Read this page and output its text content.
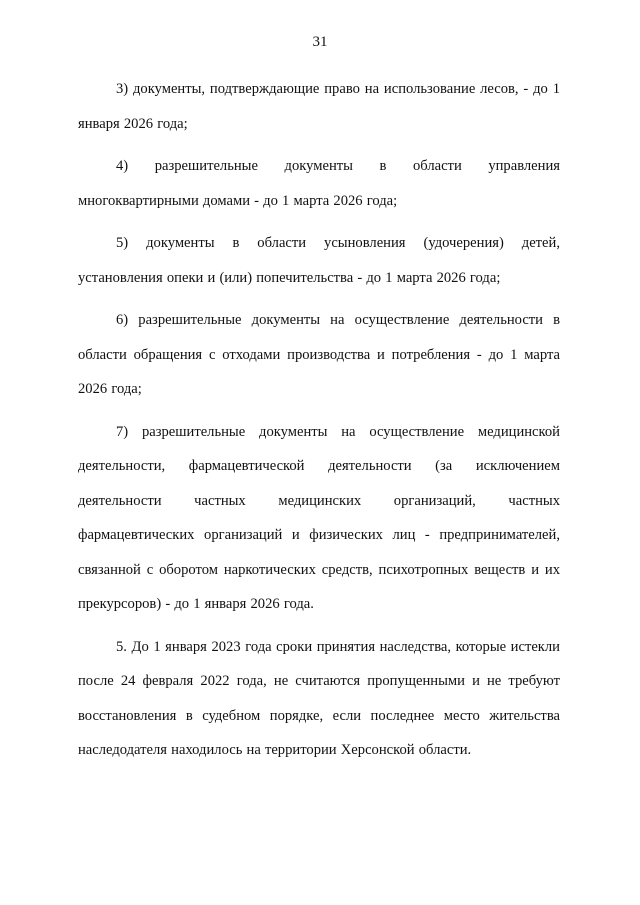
31

3) документы, подтверждающие право на использование лесов, - до 1 января 2026 года;

4) разрешительные документы в области управления многоквартирными домами - до 1 марта 2026 года;

5) документы в области усыновления (удочерения) детей, установления опеки и (или) попечительства - до 1 марта 2026 года;

6) разрешительные документы на осуществление деятельности в области обращения с отходами производства и потребления - до 1 марта 2026 года;

7) разрешительные документы на осуществление медицинской деятельности, фармацевтической деятельности (за исключением деятельности частных медицинских организаций, частных фармацевтических организаций и физических лиц - предпринимателей, связанной с оборотом наркотических средств, психотропных веществ и их прекурсоров) - до 1 января 2026 года.

5. До 1 января 2023 года сроки принятия наследства, которые истекли после 24 февраля 2022 года, не считаются пропущенными и не требуют восстановления в судебном порядке, если последнее место жительства наследодателя находилось на территории Херсонской области.
